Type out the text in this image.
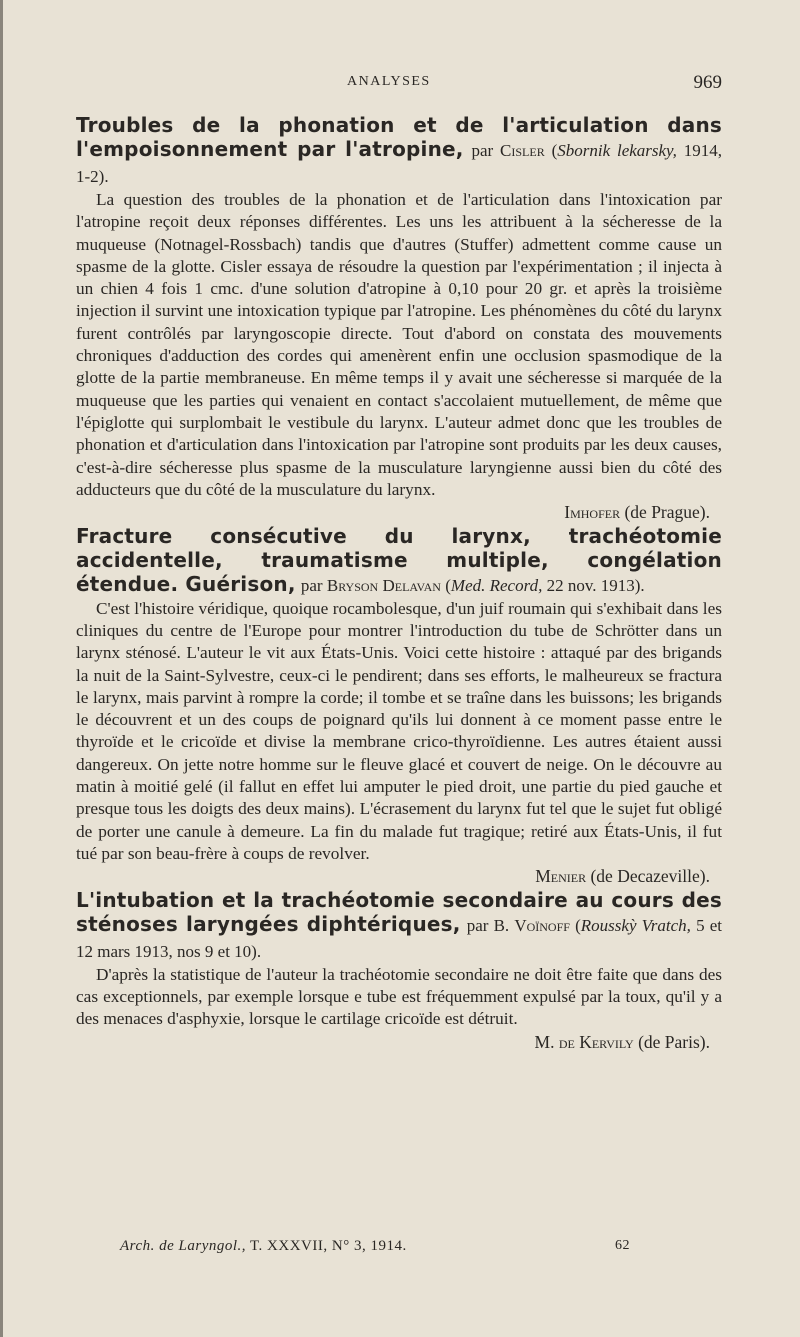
ANALYSES	969

Troubles de la phonation et de l'articulation dans l'empoisonnement par l'atropine, par Cisler (Sbornik lekarsky, 1914, 1-2).

La question des troubles de la phonation et de l'articulation dans l'intoxication par l'atropine reçoit deux réponses différentes. Les uns les attribuent à la sécheresse de la muqueuse (Notnagel-Rossbach) tandis que d'autres (Stuffer) admettent comme cause un spasme de la glotte. Cisler essaya de résoudre la question par l'expérimentation ; il injecta à un chien 4 fois 1 cmc. d'une solution d'atropine à 0,10 pour 20 gr. et après la troisième injection il survint une intoxication typique par l'atropine. Les phénomènes du côté du larynx furent contrôlés par laryngoscopie directe. Tout d'abord on constata des mouvements chroniques d'adduction des cordes qui amenèrent enfin une occlusion spasmodique de la glotte de la partie membraneuse. En même temps il y avait une sécheresse si marquée de la muqueuse que les parties qui venaient en contact s'accolaient mutuellement, de même que l'épiglotte qui surplombait le vestibule du larynx. L'auteur admet donc que les troubles de phonation et d'articulation dans l'intoxication par l'atropine sont produits par les deux causes, c'est-à-dire sécheresse plus spasme de la musculature laryngienne aussi bien du côté des adducteurs que du côté de la musculature du larynx.

Imhofer (de Prague).

Fracture consécutive du larynx, trachéotomie accidentelle, traumatisme multiple, congélation étendue. Guérison, par Bryson Delavan (Med. Record, 22 nov. 1913).

C'est l'histoire véridique, quoique rocambolesque, d'un juif roumain qui s'exhibait dans les cliniques du centre de l'Europe pour montrer l'introduction du tube de Schrötter dans un larynx sténosé. L'auteur le vit aux États-Unis. Voici cette histoire : attaqué par des brigands la nuit de la Saint-Sylvestre, ceux-ci le pendirent; dans ses efforts, le malheureux se fractura le larynx, mais parvint à rompre la corde; il tombe et se traîne dans les buissons; les brigands le découvrent et un des coups de poignard qu'ils lui donnent à ce moment passe entre le thyroïde et le cricoïde et divise la membrane crico-thyroïdienne. Les autres étaient aussi dangereux. On jette notre homme sur le fleuve glacé et couvert de neige. On le découvre au matin à moitié gelé (il fallut en effet lui amputer le pied droit, une partie du pied gauche et presque tous les doigts des deux mains). L'écrasement du larynx fut tel que le sujet fut obligé de porter une canule à demeure. La fin du malade fut tragique; retiré aux États-Unis, il fut tué par son beau-frère à coups de revolver.

Menier (de Decazeville).

L'intubation et la trachéotomie secondaire au cours des sténoses laryngées diphtériques, par B. Voïnoff (Rousskỳ Vratch, 5 et 12 mars 1913, nos 9 et 10).

D'après la statistique de l'auteur la trachéotomie secondaire ne doit être faite que dans des cas exceptionnels, par exemple lorsque e tube est fréquemment expulsé par la toux, qu'il y a des menaces d'asphyxie, lorsque le cartilage cricoïde est détruit.

M. de Kervily (de Paris).

Arch. de Laryngol., T. XXXVII, N° 3, 1914.	62
